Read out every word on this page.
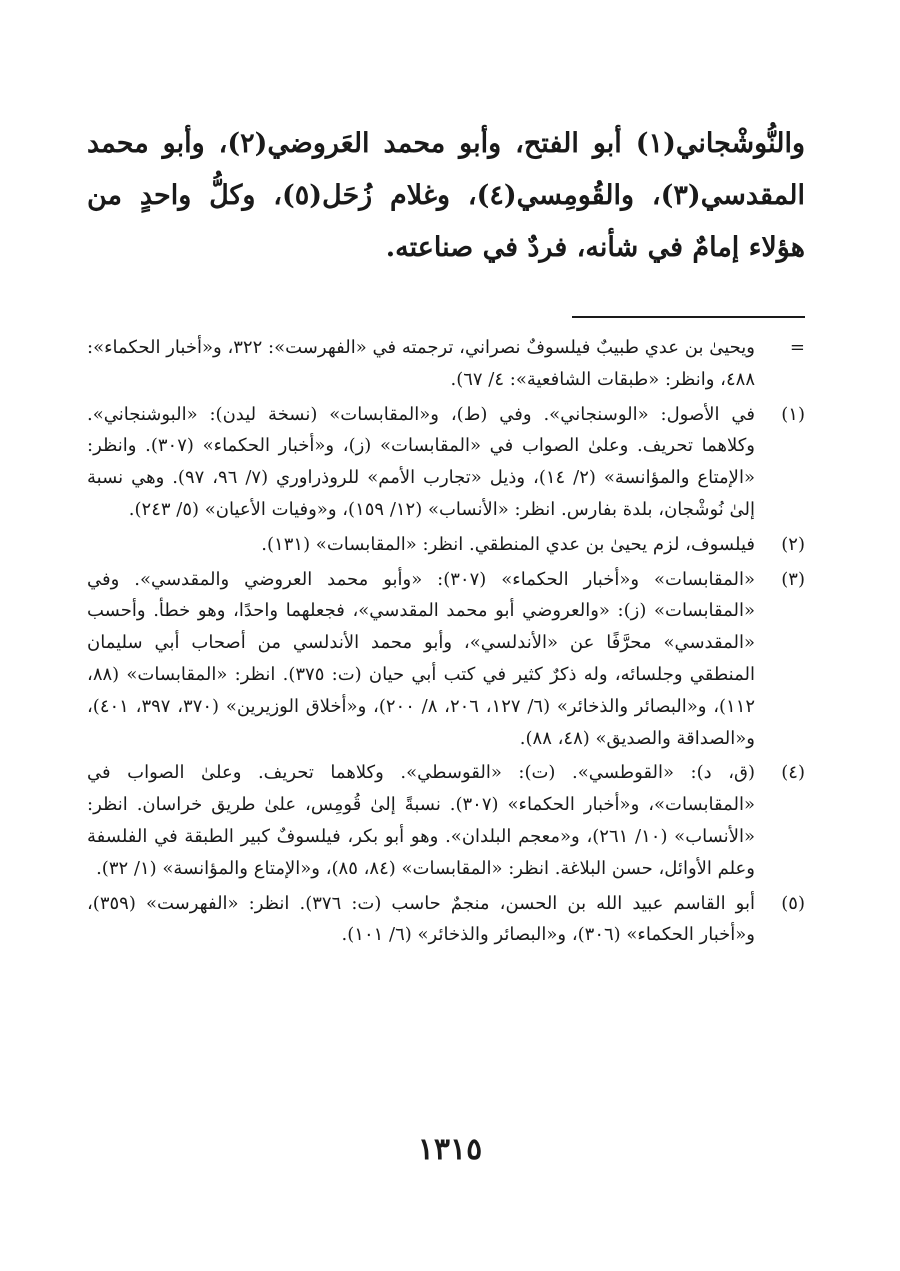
والنُّوشْجاني(١) أبو الفتح، وأبو محمد العَروضي(٢)، وأبو محمد المقدسي(٣)، والقُومِسي(٤)، وغلام زُحَل(٥)، وكلُّ واحدٍ من هؤلاء إمامٌ في شأنه، فردٌ في صناعته.

=
ويحيىٰ بن عدي طبيبٌ فيلسوفٌ نصراني، ترجمته في «الفهرست»: ٣٢٢، و«أخبار الحكماء»: ٤٨٨، وانظر: «طبقات الشافعية»: ٤/ ٦٧).
(١)
في الأصول: «الوسنجاني». وفي (ط)، و«المقابسات» (نسخة ليدن): «البوشنجاني». وكلاهما تحريف. وعلىٰ الصواب في «المقابسات» (ز)، و«أخبار الحكماء» (٣٠٧). وانظر: «الإمتاع والمؤانسة» (٢/ ١٤)، وذيل «تجارب الأمم» للروذراوري (٧/ ٩٦، ٩٧). وهي نسبة إلىٰ نُوشْجان، بلدة بفارس. انظر: «الأنساب» (١٢/ ١٥٩)، و«وفيات الأعيان» (٥/ ٢٤٣).
(٢)
فيلسوف، لزم يحيىٰ بن عدي المنطقي. انظر: «المقابسات» (١٣١).
(٣)
«المقابسات» و«أخبار الحكماء» (٣٠٧): «وأبو محمد العروضي والمقدسي». وفي «المقابسات» (ز): «والعروضي أبو محمد المقدسي»، فجعلهما واحدًا، وهو خطأ. وأحسب «المقدسي» محرَّفًا عن «الأندلسي»، وأبو محمد الأندلسي من أصحاب أبي سليمان المنطقي وجلسائه، وله ذكرٌ كثير في كتب أبي حيان (ت: ٣٧٥). انظر: «المقابسات» (٨٨، ١١٢)، و«البصائر والذخائر» (٦/ ١٢٧، ٢٠٦، ٨/ ٢٠٠)، و«أخلاق الوزيرين» (٣٧٠، ٣٩٧، ٤٠١)، و«الصداقة والصديق» (٤٨، ٨٨).
(٤)
(ق، د): «القوطسي». (ت): «القوسطي». وكلاهما تحريف. وعلىٰ الصواب في «المقابسات»، و«أخبار الحكماء» (٣٠٧). نسبةً إلىٰ قُومِس، علىٰ طريق خراسان. انظر: «الأنساب» (١٠/ ٢٦١)، و«معجم البلدان». وهو أبو بكر، فيلسوفٌ كبير الطبقة في الفلسفة وعلم الأوائل، حسن البلاغة. انظر: «المقابسات» (٨٤، ٨٥)، و«الإمتاع والمؤانسة» (١/ ٣٢).
(٥)
أبو القاسم عبيد الله بن الحسن، منجمٌ حاسب (ت: ٣٧٦). انظر: «الفهرست» (٣٥٩)، و«أخبار الحكماء» (٣٠٦)، و«البصائر والذخائر» (٦/ ١٠١).
١٣١٥
